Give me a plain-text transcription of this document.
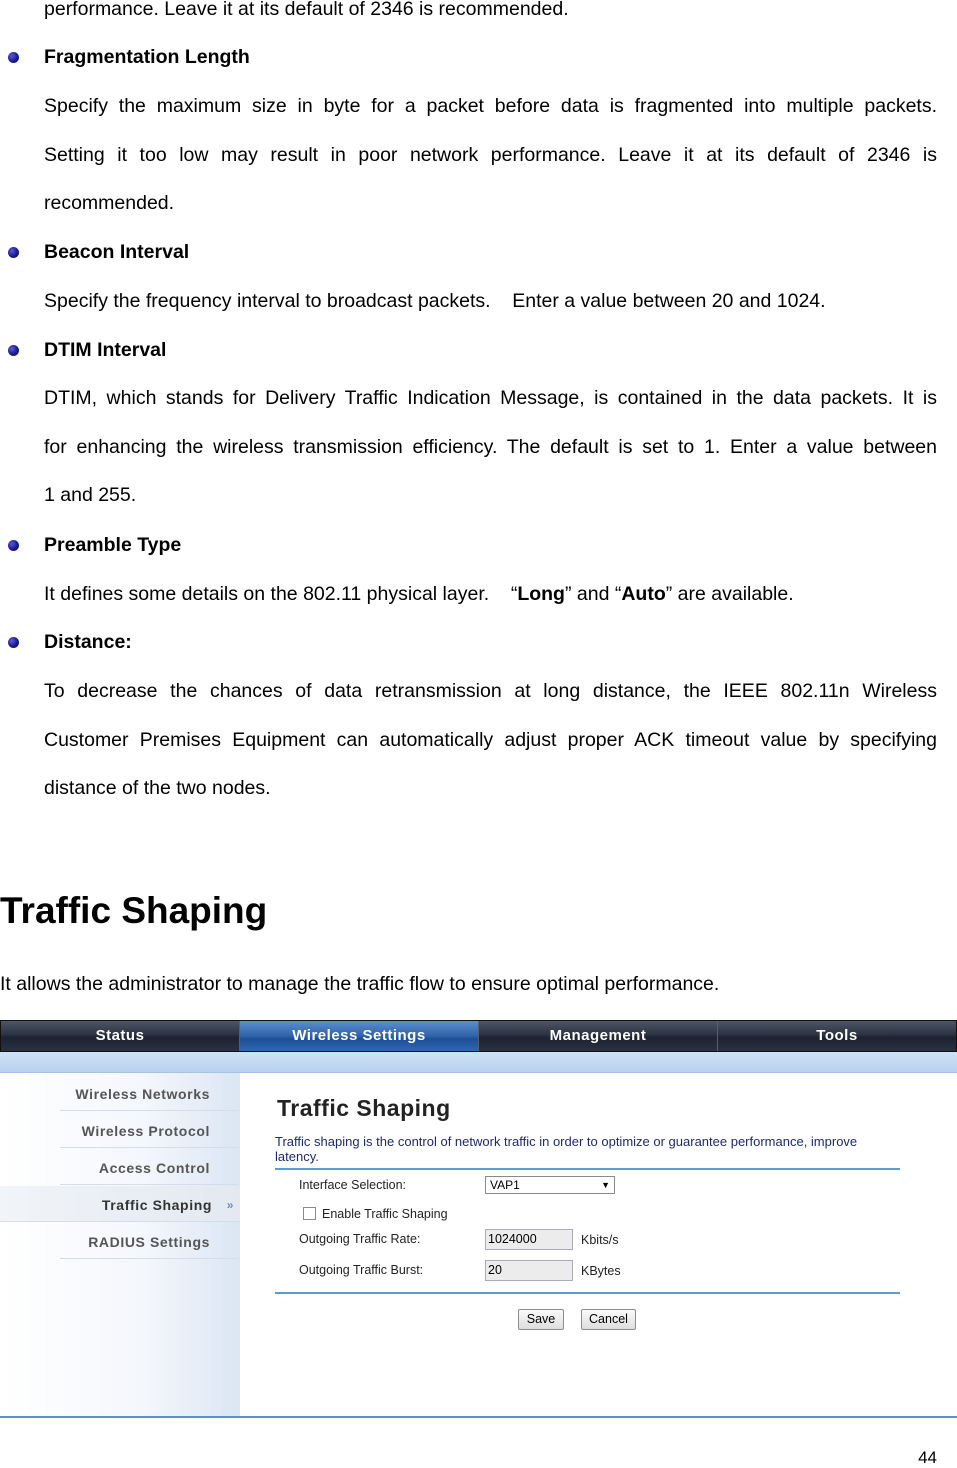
performance. Leave it at its default of 2346 is recommended.
Fragmentation Length
Specify the maximum size in byte for a packet before data is fragmented into multiple packets.
Setting it too low may result in poor network performance. Leave it at its default of 2346 is
recommended.
Beacon Interval
Specify the frequency interval to broadcast packets.    Enter a value between 20 and 1024.
DTIM Interval
DTIM, which stands for Delivery Traffic Indication Message, is contained in the data packets. It is
for enhancing the wireless transmission efficiency. The default is set to 1. Enter a value between
1 and 255.
Preamble Type
It defines some details on the 802.11 physical layer.    “Long” and “Auto” are available.
Distance:
To decrease the chances of data retransmission at long distance, the IEEE 802.11n Wireless
Customer Premises Equipment can automatically adjust proper ACK timeout value by specifying
distance of the two nodes.
Traffic Shaping
It allows the administrator to manage the traffic flow to ensure optimal performance.
Status	Wireless Settings	Management	Tools
Wireless Networks
Wireless Protocol
Access Control
Traffic Shaping »
RADIUS Settings
Traffic Shaping
Traffic shaping is the control of network traffic in order to optimize or guarantee performance, improve latency.
Interface Selection:	VAP1	▼
Enable Traffic Shaping
Outgoing Traffic Rate:	1024000	Kbits/s
Outgoing Traffic Burst:	20	KBytes
Save	Cancel
44
